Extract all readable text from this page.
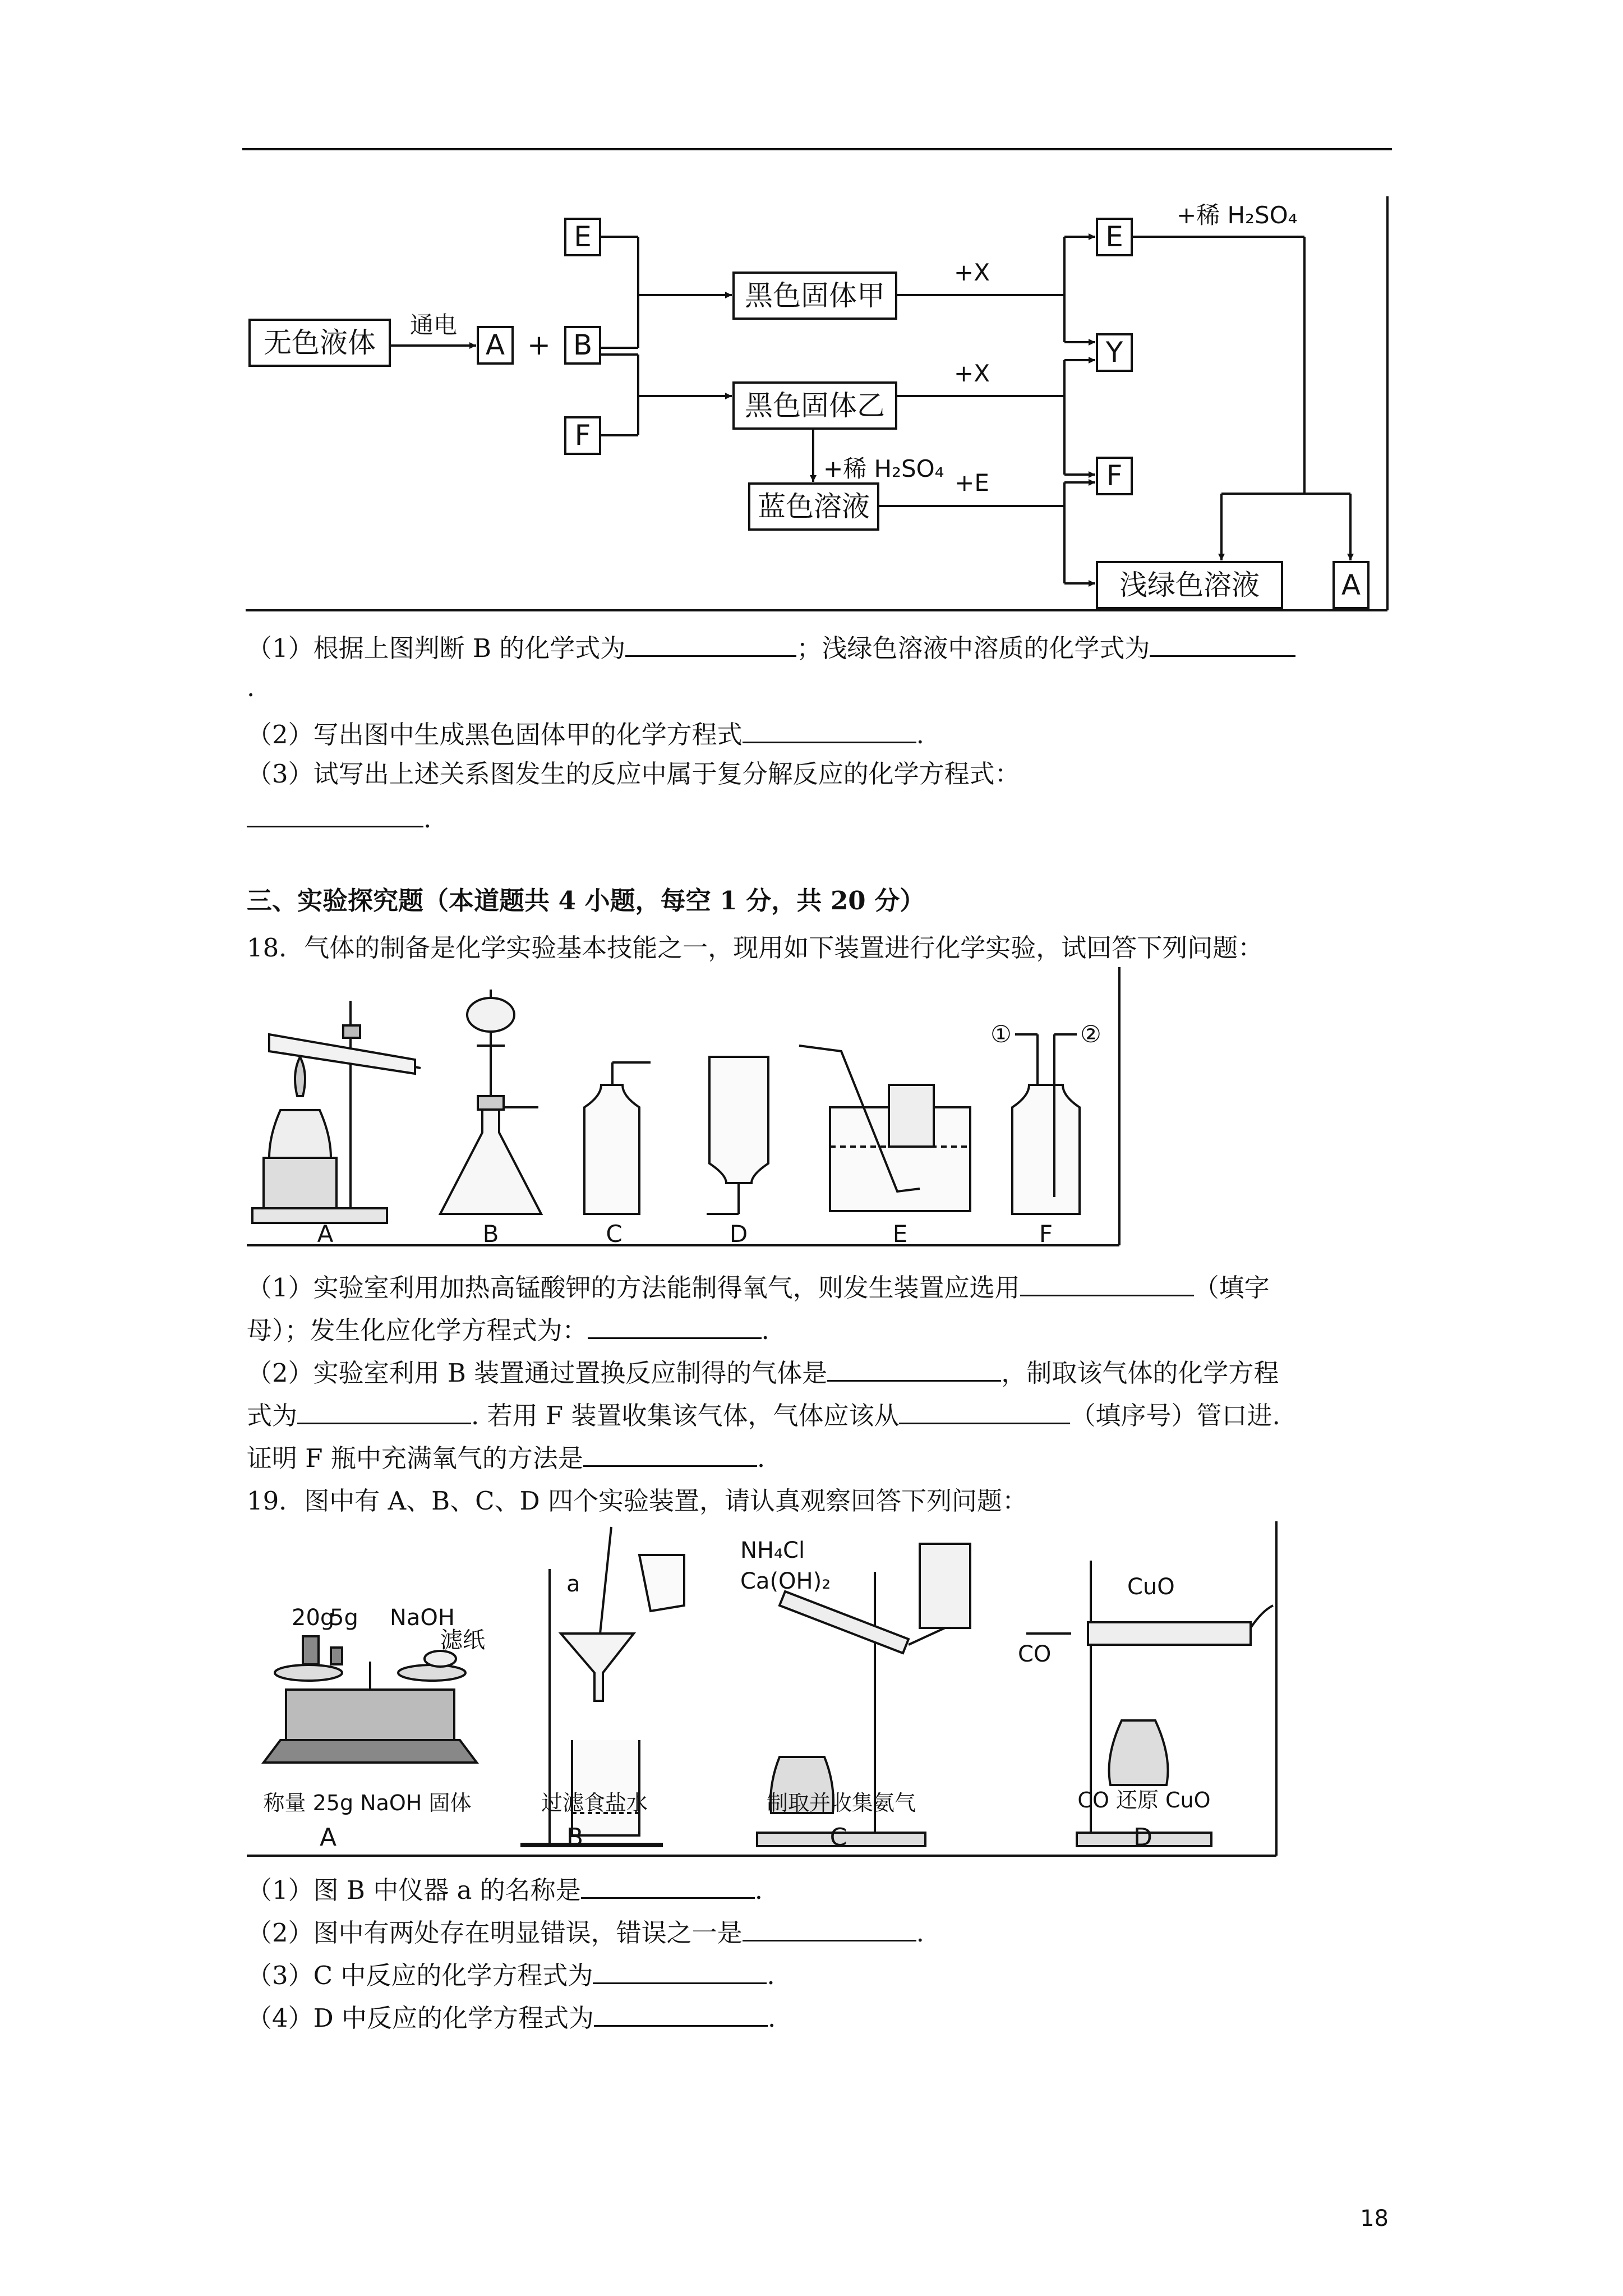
无色液体	A + B
E
F
黑色固体甲
黑色固体乙
蓝色溶液
E
Y
F
浅绿色溶液	A
通电
+X
+X
+E
+稀 H₂SO₄
+稀 H₂SO₄
（1）根据上图判断 B 的化学式为	；浅绿色溶液中溶质的化学式为
.
（2）写出图中生成黑色固体甲的化学方程式	.
（3）试写出上述关系图发生的反应中属于复分解反应的化学方程式：
.
三、实验探究题（本道题共 4 小题，每空 1 分，共 20 分）
18．气体的制备是化学实验基本技能之一，现用如下装置进行化学实验，试回答下列问题：
A	B	C	D	E	F
①	②
（1）实验室利用加热高锰酸钾的方法能制得氧气，则发生装置应选用	（填字
母）；发生化应化学方程式为：	.
（2）实验室利用 B 装置通过置换反应制得的气体是	，制取该气体的化学方程
式为	. 若用 F 装置收集该气体，气体应该从	（填序号）管口进.
证明 F 瓶中充满氧气的方法是	.
19．图中有 A、B、C、D 四个实验装置，请认真观察回答下列问题：
20g
5g NaOH
滤纸
a
NH₄Cl
Ca(OH)₂	CuO
CO
称量 25g NaOH 固体	过滤食盐水	制取并收集氨气	CO 还原 CuO
A	B	C	D
（1）图 B 中仪器 a 的名称是	.
（2）图中有两处存在明显错误，错误之一是	.
（3）C 中反应的化学方程式为	.
（4）D 中反应的化学方程式为	.
18
